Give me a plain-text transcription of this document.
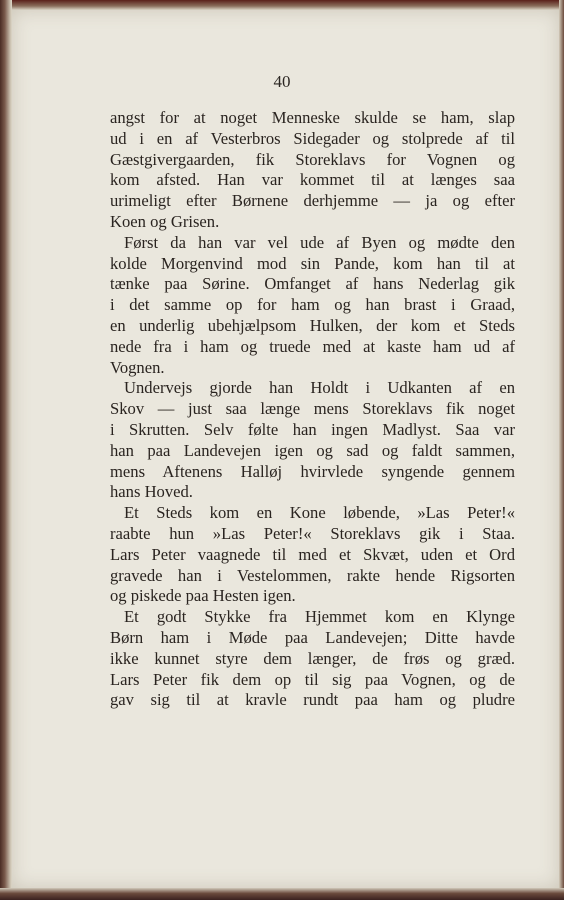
40
angst for at noget Menneske skulde se ham, slap
ud i en af Vesterbros Sidegader og stolprede af til
Gæstgivergaarden, fik Storeklavs for Vognen og
kom afsted. Han var kommet til at længes saa
urimeligt efter Børnene derhjemme — ja og efter
Koen og Grisen.
Først da han var vel ude af Byen og mødte den
kolde Morgenvind mod sin Pande, kom han til at
tænke paa Sørine. Omfanget af hans Nederlag gik
i det samme op for ham og han brast i Graad,
en underlig ubehjælpsom Hulken, der kom et Steds
nede fra i ham og truede med at kaste ham ud af
Vognen.
Undervejs gjorde han Holdt i Udkanten af en
Skov — just saa længe mens Storeklavs fik noget
i Skrutten. Selv følte han ingen Madlyst. Saa var
han paa Landevejen igen og sad og faldt sammen,
mens Aftenens Halløj hvirvlede syngende gennem
hans Hoved.
Et Steds kom en Kone løbende, »Las Peter!«
raabte hun »Las Peter!« Storeklavs gik i Staa.
Lars Peter vaagnede til med et Skvæt, uden et Ord
gravede han i Vestelommen, rakte hende Rigsorten
og piskede paa Hesten igen.
Et godt Stykke fra Hjemmet kom en Klynge
Børn ham i Møde paa Landevejen; Ditte havde
ikke kunnet styre dem længer, de frøs og græd.
Lars Peter fik dem op til sig paa Vognen, og de
gav sig til at kravle rundt paa ham og pludre
